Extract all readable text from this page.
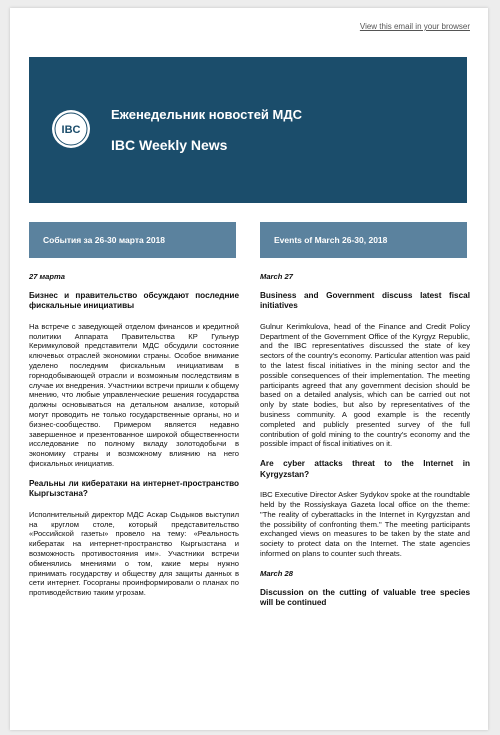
View this email in your browser
IBC
Еженедельник новостей МДС
IBC Weekly News
События за 26-30 марта 2018	Events of March 26-30, 2018

27 марта

Бизнес и правительство обсуждают последние фискальные инициативы

На встрече с заведующей отделом финансов и кредитной политики Аппарата Правительства КР Гульнур Керимкуловой представители МДС обсудили состояние ключевых отраслей экономики страны. Особое внимание уделено последним фискальным инициативам в горнодобывающей отрасли и возможным последствиям в случае их внедрения. Участники встречи пришли к общему мнению, что любые управленческие решения государства должны основываться на детальном анализе, который могут проводить не только государственные органы, но и бизнес-сообщество. Примером является недавно завершенное и презентованное широкой общественности исследование по полному вкладу золотодобычи в экономику страны и возможному влиянию на него фискальных инициатив.

Реальны ли кибератаки на интернет-пространство Кыргызстана?

Исполнительный директор МДС Аскар Сыдыков выступил на круглом столе, который представительство «Российской газеты» провело на тему: «Реальность кибератак на интернет-пространство Кыргызстана и возможность противостояния им». Участники встречи обменялись мнениями о том, какие меры нужно принимать государству и обществу для защиты данных в сети интернет. Госорганы проинформировали о планах по противодействию таким угрозам.

March 27

Business and Government discuss latest fiscal initiatives

Gulnur Kerimkulova, head of the Finance and Credit Policy Department of the Government Office of the Kyrgyz Republic, and the IBC representatives discussed the state of key sectors of the country's economy. Particular attention was paid to the latest fiscal initiatives in the mining sector and the possible consequences of their implementation. The meeting participants agreed that any government decision should be based on a detailed analysis, which can be carried out not only by state bodies, but also by representatives of the business community. A good example is the recently completed and publicly presented survey of the full contribution of gold mining to the country's economy and the possible impact of fiscal initiatives on it.

Are cyber attacks threat to the Internet in Kyrgyzstan?

IBC Executive Director Asker Sydykov spoke at the roundtable held by the Rossiyskaya Gazeta local office on the theme: "The reality of cyberattacks in the Internet in Kyrgyzstan and the possibility of confronting them." The meeting participants exchanged views on measures to be taken by the state and society to protect data on the Internet. The state agencies informed on plans to counter such threats.

March 28

Discussion on the cutting of valuable tree species will be continued
